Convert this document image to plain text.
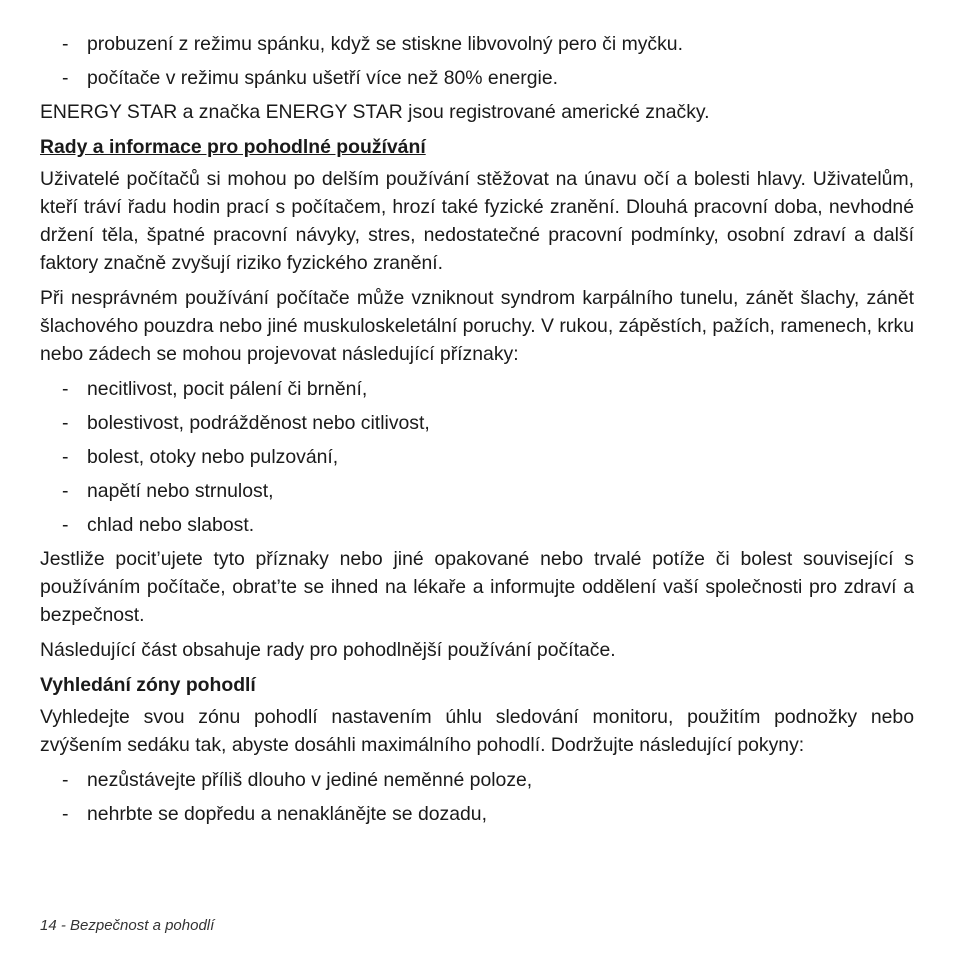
- probuzení z režimu spánku, když se stiskne libvovolný pero či myčku.
- počítače v režimu spánku ušetří více než 80% energie.

ENERGY STAR a značka ENERGY STAR jsou registrované americké značky.

Rady a informace pro pohodlné používání

Uživatelé počítačů si mohou po delším používání stěžovat na únavu očí a bolesti hlavy. Uživatelům, kteří tráví řadu hodin prací s počítačem, hrozí také fyzické zranění. Dlouhá pracovní doba, nevhodné držení těla, špatné pracovní návyky, stres, nedostatečné pracovní podmínky, osobní zdraví a další faktory značně zvyšují riziko fyzického zranění.

Při nesprávném používání počítače může vzniknout syndrom karpálního tunelu, zánět šlachy, zánět šlachového pouzdra nebo jiné muskuloskeletální poruchy. V rukou, zápěstích, pažích, ramenech, krku nebo zádech se mohou projevovat následující příznaky:

- necitlivost, pocit pálení či brnění,
- bolestivost, podrážděnost nebo citlivost,
- bolest, otoky nebo pulzování,
- napětí nebo strnulost,
- chlad nebo slabost.

Jestliže pocit’ujete tyto příznaky nebo jiné opakované nebo trvalé potíže či bolest související s používáním počítače, obrat’te se ihned na lékaře a informujte oddělení vaší společnosti pro zdraví a bezpečnost.

Následující část obsahuje rady pro pohodlnější používání počítače.

Vyhledání zóny pohodlí

Vyhledejte svou zónu pohodlí nastavením úhlu sledování monitoru, použitím podnožky nebo zvýšením sedáku tak, abyste dosáhli maximálního pohodlí. Dodržujte následující pokyny:

- nezůstávejte příliš dlouho v jediné neměnné poloze,
- nehrbte se dopředu a nenaklánějte se dozadu,
14 - Bezpečnost a pohodlí
